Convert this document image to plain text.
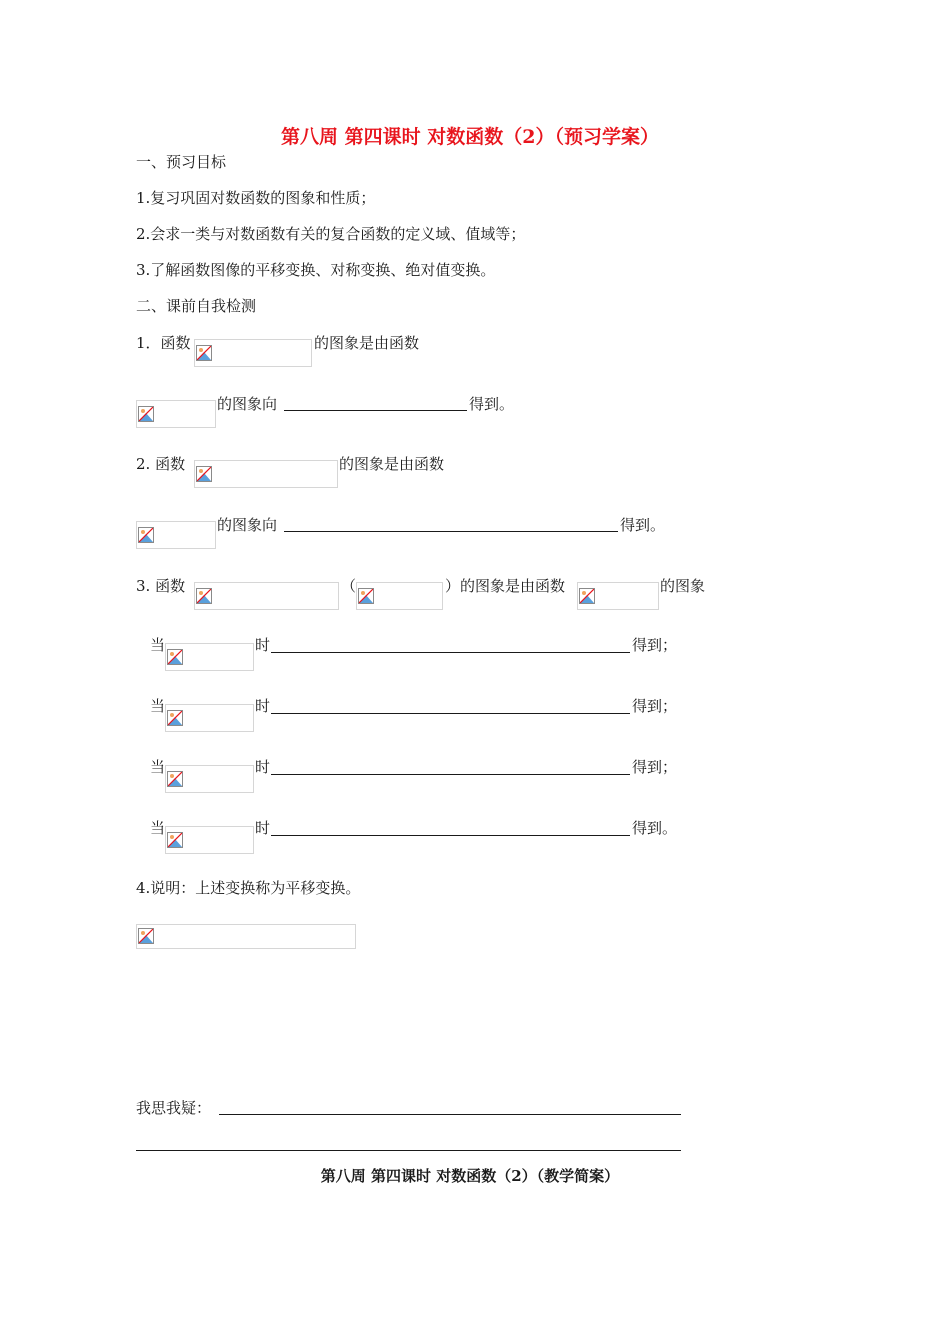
第八周 第四课时 对数函数（2）（预习学案）
一、预习目标
1.复习巩固对数函数的图象和性质；
2.会求一类与对数函数有关的复合函数的定义域、值域等；
3.了解函数图像的平移变换、对称变换、绝对值变换。
二、课前自我检测
1．函数	的图象是由函数
的图象向	得到。
2. 函数	的图象是由函数
的图象向	得到。
3. 函数	（	）的图象是由函数	的图象
当	时	得到；
当	时	得到；
当	时	得到；
当	时	得到。
4.说明：上述变换称为平移变换。
我思我疑：
第八周 第四课时 对数函数（2）（教学简案）
